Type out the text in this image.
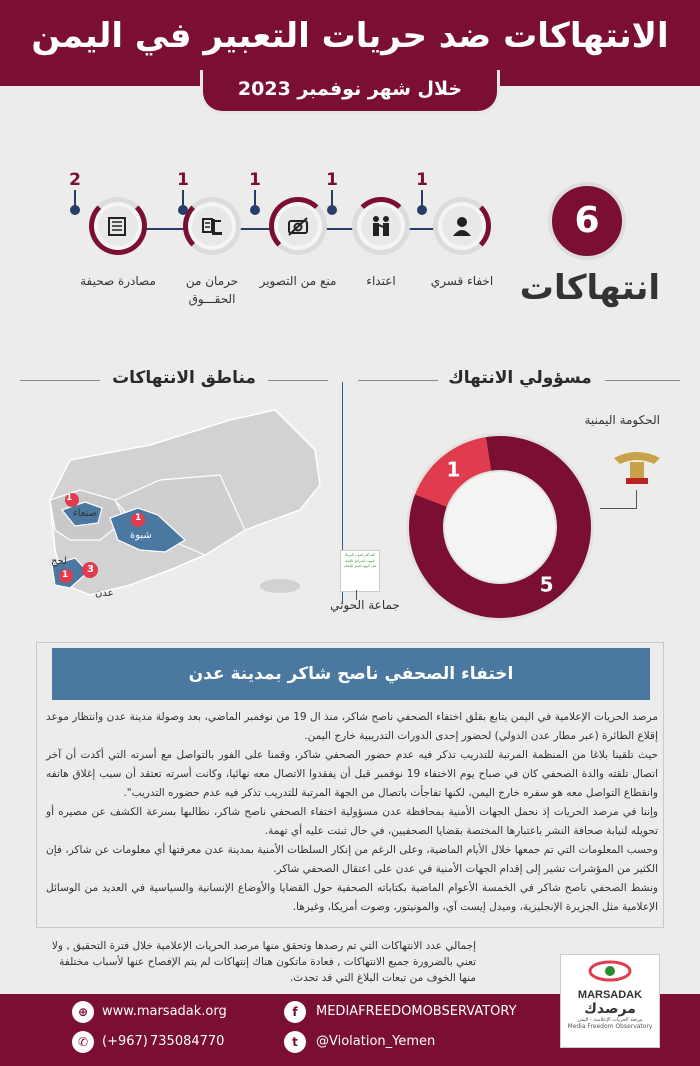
الانتهاكات ضد حريات التعبير في اليمن
خلال شهر نوفمبر 2023
1
اخفاء قسري
1
اعتداء
1
منع من التصوير
1
حرمان من الحقـــوق
2
مصادرة صحيفة
6
انتهاكات
مناطق الانتهاكات	مسؤولي الانتهاك
1
صنعاء	1
شبوة
لحج
1 3
عدن
الحكومة اليمنية
5
1
الله أكبر الموت لأمريكا الموت لإسرائيل اللعنة على اليهود النصر للإسلام
جماعة الحوثي
اختفاء الصحفي ناصح شاكر بمدينة عدن

مرصد الحريات الإعلامية في اليمن يتابع بقلق اختفاء الصحفي ناصح شاكر، منذ ال 19 من نوفمبر الماضي، بعد وصولة مدينة عدن وانتظار موعد إقلاع الطائرة (عبر مطار عدن الدولي) لحضور إحدى الدورات التدريبية خارج اليمن.

حيث تلقينا بلاغا من المنظمة المرتبة للتدريب تذكر فيه عدم حضور الصحفي شاكر، وقمنا على الفور بالتواصل مع أسرته التي أكدت أن آخر اتصال تلقته والدة الصحفي كان في صباح يوم الاختفاء 19 نوفمبر قبل أن يفقدوا الاتصال معه نهائيا، وكانت أسرته تعتقد أن سبب إغلاق هاتفه وانقطاع التواصل معه هو سفره خارج اليمن، لكنها تفاجأت باتصال من الجهة المرتبة للتدريب تذكر فيه عدم حضوره التدريب".

وإننا في مرصد الحريات إذ نحمل الجهات الأمنية بمحافظة عدن مسؤولية اختفاء الصحفي ناصح شاكر، نطالبها بسرعة الكشف عن مصيره أو تحويله لنيابة صحافة النشر باعتبارها المختصة بقضايا الصحفيين، في حال ثبتت عليه أي تهمة.

وحسب المعلومات التي تم جمعها خلال الأيام الماضية، وعلى الرغم من إنكار السلطات الأمنية بمدينة عدن معرفتها أي معلومات عن شاكر، فإن الكثير من المؤشرات تشير إلى إقدام الجهات الأمنية في عدن على اعتقال الصحفي شاكر.

ونشط الصحفي ناصح شاكر في الخمسة الأعوام الماضية بكتاباته الصحفية حول القضايا والأوضاع الإنسانية والسياسية في العديد من الوسائل الإعلامية مثل الجزيرة الإنجليزية، وميدل إيست آي، والمونيتور، وصوت أمريكا، وغيرها.

إجمالي عدد الانتهاكات التي تم رصدها وتحقق منها مرصد الحريات الإعلامية خلال فترة التحقيق , ولا تعني بالضرورة جميع الانتهاكات , فعادة ماتكون هناك إنتهاكات لم يتم الإفصاح عنها لأسباب مختلفة منها الخوف من تبعات البلاغ التي قد تحدث.
⊕	www.marsadak.org
✆	(+967) 735084770
f	MEDIAFREEDOMOBSERVATORY
t	@Violation_Yemen
MARSADAK
مرصدك
مرصد الحريات الإعلامية - اليمن
Media Freedom Observatory
